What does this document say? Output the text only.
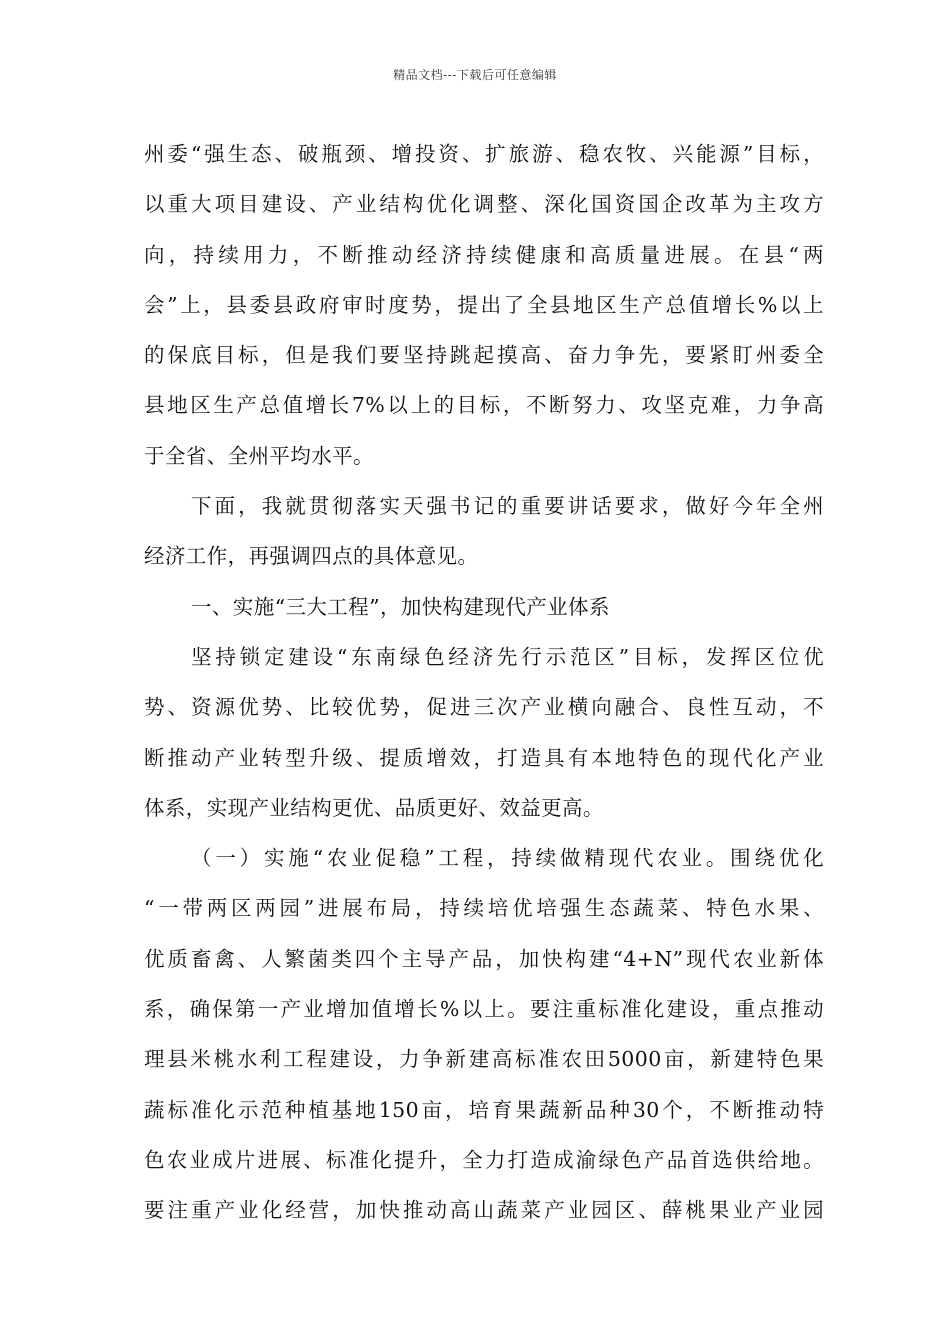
精品文档---下载后可任意编辑
州委“强生态、破瓶颈、增投资、扩旅游、稳农牧、兴能源”目标，
以重大项目建设、产业结构优化调整、深化国资国企改革为主攻方
向，持续用力，不断推动经济持续健康和高质量进展。在县“两
会”上，县委县政府审时度势，提出了全县地区生产总值增长%以上
的保底目标，但是我们要坚持跳起摸高、奋力争先，要紧盯州委全
县地区生产总值增长7%以上的目标，不断努力、攻坚克难，力争高
于全省、全州平均水平。
下面，我就贯彻落实天强书记的重要讲话要求，做好今年全州
经济工作，再强调四点的具体意见。
一、实施“三大工程”，加快构建现代产业体系
坚持锁定建设“东南绿色经济先行示范区”目标，发挥区位优
势、资源优势、比较优势，促进三次产业横向融合、良性互动，不
断推动产业转型升级、提质增效，打造具有本地特色的现代化产业
体系，实现产业结构更优、品质更好、效益更高。
（一）实施“农业促稳”工程，持续做精现代农业。围绕优化
“一带两区两园”进展布局，持续培优培强生态蔬菜、特色水果、
优质畜禽、人繁菌类四个主导产品，加快构建“4+N”现代农业新体
系，确保第一产业增加值增长%以上。要注重标准化建设，重点推动
理县米桃水利工程建设，力争新建高标准农田5000亩，新建特色果
蔬标准化示范种植基地150亩，培育果蔬新品种30个，不断推动特
色农业成片进展、标准化提升，全力打造成渝绿色产品首选供给地。
要注重产业化经营，加快推动高山蔬菜产业园区、薛桃果业产业园
